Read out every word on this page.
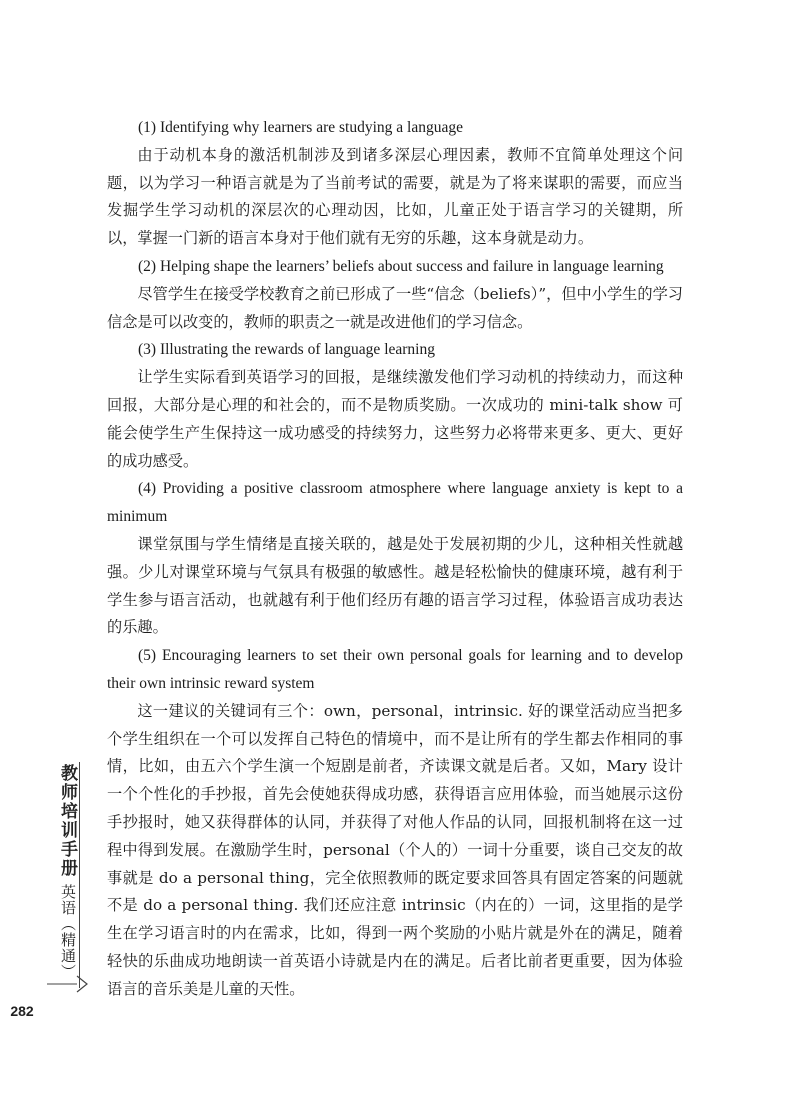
(1) Identifying why learners are studying a language

由于动机本身的激活机制涉及到诸多深层心理因素，教师不宜简单处理这个问题，以为学习一种语言就是为了当前考试的需要，就是为了将来谋职的需要，而应当发掘学生学习动机的深层次的心理动因，比如，儿童正处于语言学习的关键期，所以，掌握一门新的语言本身对于他们就有无穷的乐趣，这本身就是动力。

(2) Helping shape the learners’ beliefs about success and failure in language learning

尽管学生在接受学校教育之前已形成了一些“信念（beliefs）”，但中小学生的学习信念是可以改变的，教师的职责之一就是改进他们的学习信念。

(3) Illustrating the rewards of language learning

让学生实际看到英语学习的回报，是继续激发他们学习动机的持续动力，而这种回报，大部分是心理的和社会的，而不是物质奖励。一次成功的 mini-talk show 可能会使学生产生保持这一成功感受的持续努力，这些努力必将带来更多、更大、更好的成功感受。

(4) Providing a positive classroom atmosphere where language anxiety is kept to a minimum

课堂氛围与学生情绪是直接关联的，越是处于发展初期的少儿，这种相关性就越强。少儿对课堂环境与气氛具有极强的敏感性。越是轻松愉快的健康环境，越有利于学生参与语言活动，也就越有利于他们经历有趣的语言学习过程，体验语言成功表达的乐趣。

(5) Encouraging learners to set their own personal goals for learning and to develop their own intrinsic reward system

这一建议的关键词有三个：own，personal，intrinsic. 好的课堂活动应当把多个学生组织在一个可以发挥自己特色的情境中，而不是让所有的学生都去作相同的事情，比如，由五六个学生演一个短剧是前者，齐读课文就是后者。又如，Mary 设计一个个性化的手抄报，首先会使她获得成功感，获得语言应用体验，而当她展示这份手抄报时，她又获得群体的认同，并获得了对他人作品的认同，回报机制将在这一过程中得到发展。在激励学生时，personal（个人的）一词十分重要，谈自己交友的故事就是 do a personal thing，完全依照教师的既定要求回答具有固定答案的问题就不是 do a personal thing. 我们还应注意 intrinsic（内在的）一词，这里指的是学生在学习语言时的内在需求，比如，得到一两个奖励的小贴片就是外在的满足，随着轻快的乐曲成功地朗读一首英语小诗就是内在的满足。后者比前者更重要，因为体验语言的音乐美是儿童的天性。

教师培训手册
英语（精通）
282
